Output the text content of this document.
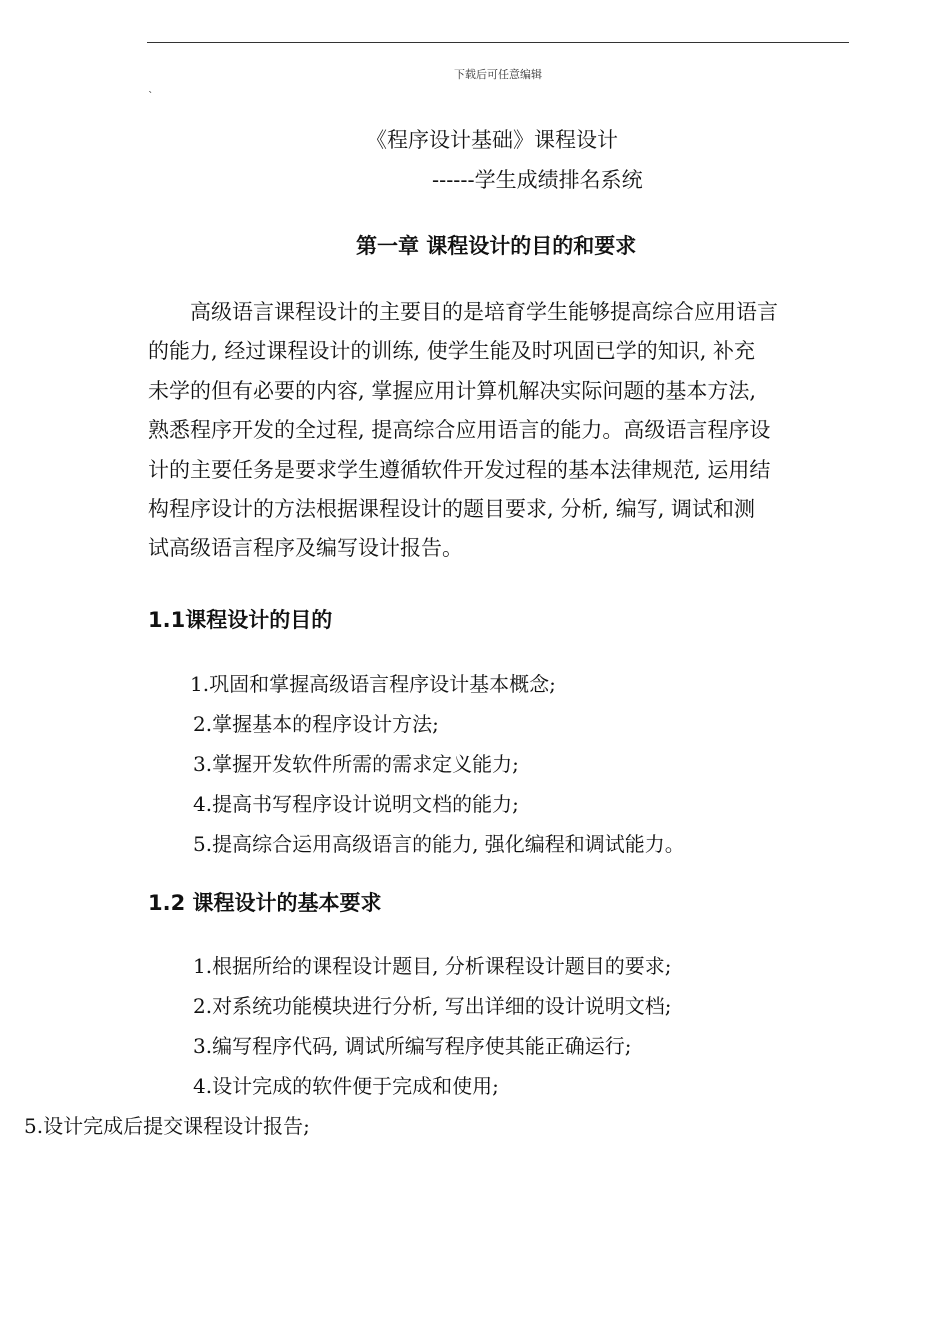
下载后可任意编辑
`
《程序设计基础》课程设计
------学生成绩排名系统
第一章 课程设计的目的和要求
高级语言课程设计的主要目的是培育学生能够提高综合应用语言
的能力, 经过课程设计的训练, 使学生能及时巩固已学的知识, 补充
未学的但有必要的内容, 掌握应用计算机解决实际问题的基本方法,
熟悉程序开发的全过程, 提高综合应用语言的能力。高级语言程序设
计的主要任务是要求学生遵循软件开发过程的基本法律规范, 运用结
构程序设计的方法根据课程设计的题目要求, 分析, 编写, 调试和测
试高级语言程序及编写设计报告。
1.1课程设计的目的
1.巩固和掌握高级语言程序设计基本概念;
2.掌握基本的程序设计方法;
3.掌握开发软件所需的需求定义能力;
4.提高书写程序设计说明文档的能力;
5.提高综合运用高级语言的能力, 强化编程和调试能力。
1.2 课程设计的基本要求
1.根据所给的课程设计题目, 分析课程设计题目的要求;
2.对系统功能模块进行分析, 写出详细的设计说明文档;
3.编写程序代码, 调试所编写程序使其能正确运行;
4.设计完成的软件便于完成和使用;
5.设计完成后提交课程设计报告;
